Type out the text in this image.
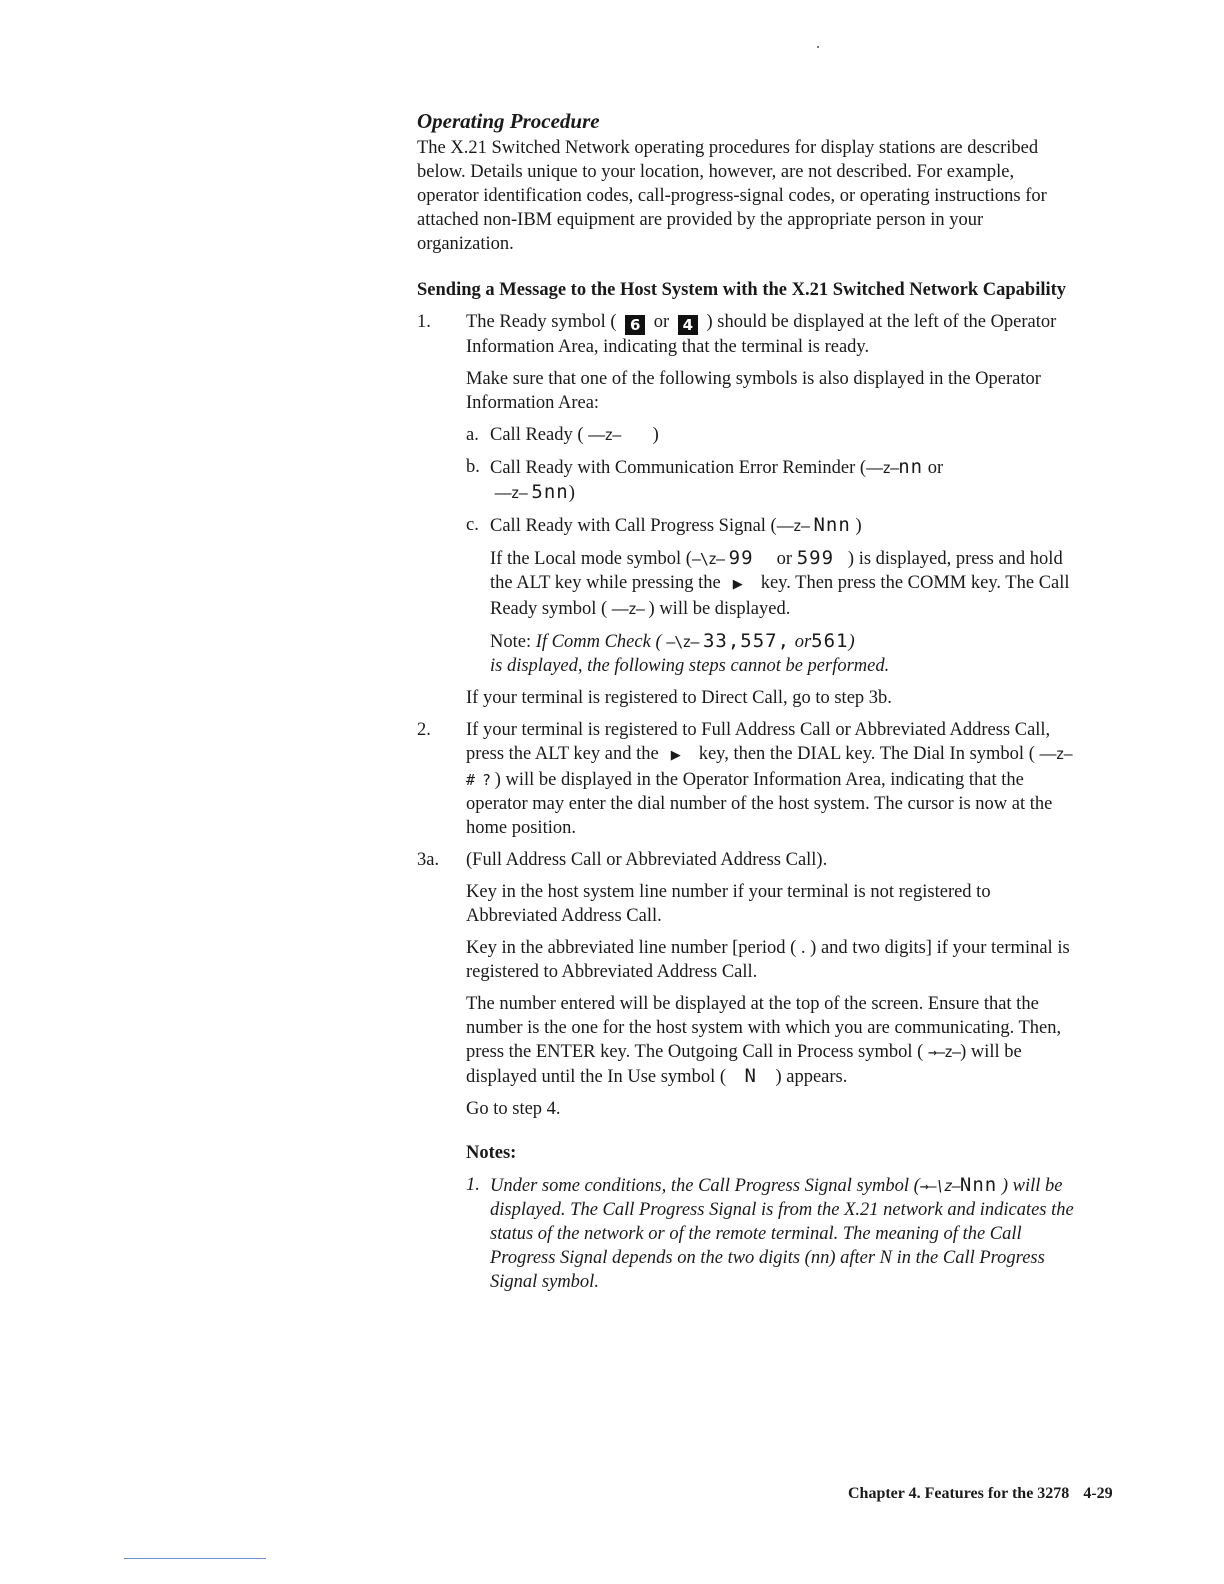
Operating Procedure

The X.21 Switched Network operating procedures for display stations are described below. Details unique to your location, however, are not described. For example, operator identification codes, call-progress-signal codes, or operating instructions for attached non-IBM equipment are provided by the appropriate person in your organization.

Sending a Message to the Host System with the X.21 Switched Network Capability

1. The Ready symbol ( 6 or 4 ) should be displayed at the left of the Operator Information Area, indicating that the terminal is ready.

Make sure that one of the following symbols is also displayed in the Operator Information Area:

a. Call Ready ( ——z— )
b. Call Ready with Communication Error Reminder (——z—nn or
——z— 5nn)
c. Call Ready with Call Progress Signal (——z— Nnn )
If the Local mode symbol (—\z— 99 or 599 ) is displayed, press and hold the ALT key while pressing the ▶ key. Then press the COMM key. The Call Ready symbol ( ——z— ) will be displayed.
Note: If Comm Check ( —\z— 33,557, or561)
is displayed, the following steps cannot be performed.

If your terminal is registered to Direct Call, go to step 3b.

2. If your terminal is registered to Full Address Call or Abbreviated Address Call, press the ALT key and the ▶ key, then the DIAL key. The Dial In symbol ( ——z— # ? ) will be displayed in the Operator Information Area, indicating that the operator may enter the dial number of the host system. The cursor is now at the home position.
3a. (Full Address Call or Abbreviated Address Call).

Key in the host system line number if your terminal is not registered to Abbreviated Address Call.

Key in the abbreviated line number [period ( . ) and two digits] if your terminal is registered to Abbreviated Address Call.

The number entered will be displayed at the top of the screen. Ensure that the number is the one for the host system with which you are communicating. Then, press the ENTER key. The Outgoing Call in Process symbol ( →—z—) will be displayed until the In Use symbol ( N ) appears.

Go to step 4.

Notes:

1. Under some conditions, the Call Progress Signal symbol (→—\z—Nnn ) will be displayed. The Call Progress Signal is from the X.21 network and indicates the status of the network or of the remote terminal. The meaning of the Call Progress Signal depends on the two digits (nn) after N in the Call Progress Signal symbol.
Chapter 4. Features for the 3278 4-29
